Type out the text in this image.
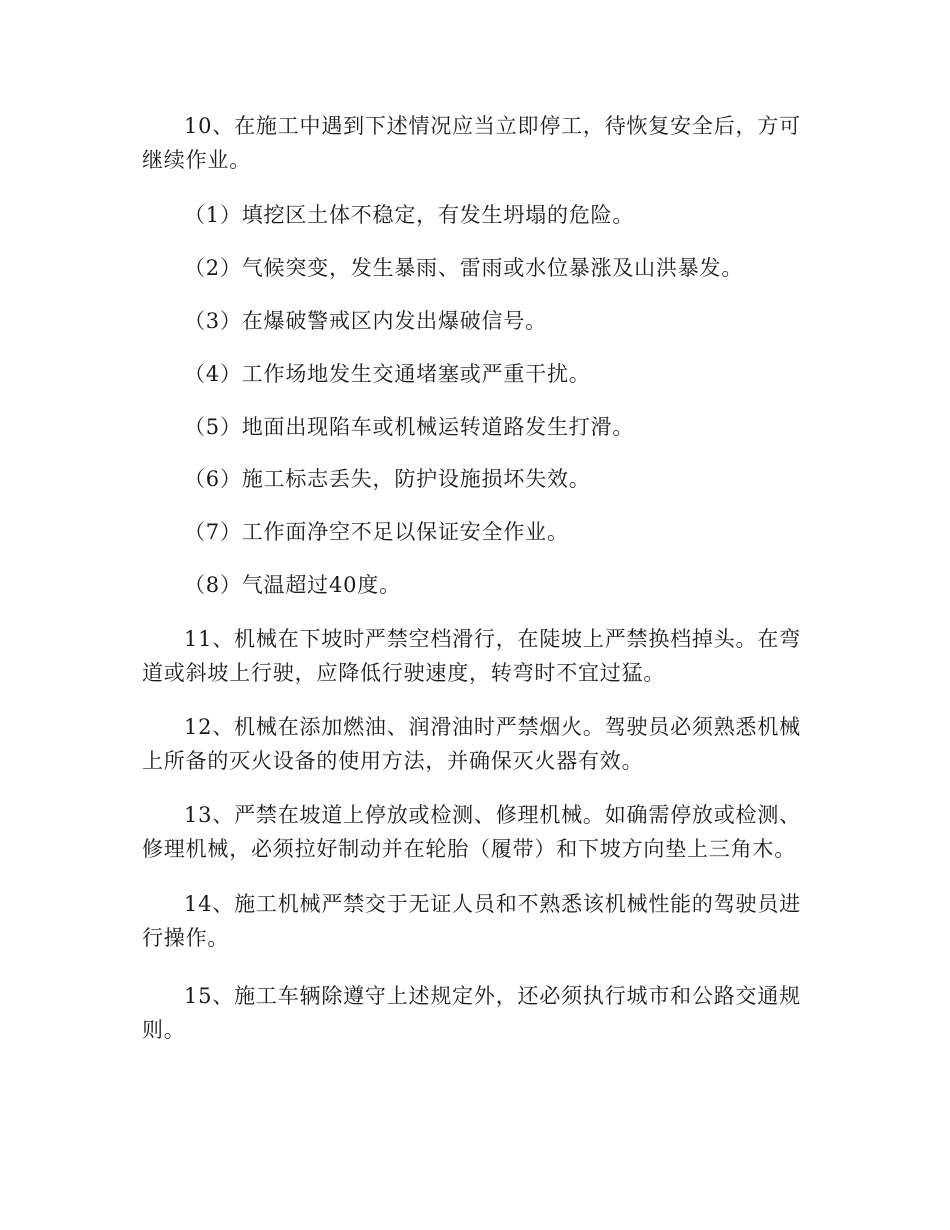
10、在施工中遇到下述情况应当立即停工，待恢复安全后，方可继续作业。

（1）填挖区土体不稳定，有发生坍塌的危险。

（2）气候突变，发生暴雨、雷雨或水位暴涨及山洪暴发。

（3）在爆破警戒区内发出爆破信号。

（4）工作场地发生交通堵塞或严重干扰。

（5）地面出现陷车或机械运转道路发生打滑。

（6）施工标志丢失，防护设施损坏失效。

（7）工作面净空不足以保证安全作业。

（8）气温超过40度。

11、机械在下坡时严禁空档滑行，在陡坡上严禁换档掉头。在弯道或斜坡上行驶，应降低行驶速度，转弯时不宜过猛。

12、机械在添加燃油、润滑油时严禁烟火。驾驶员必须熟悉机械上所备的灭火设备的使用方法，并确保灭火器有效。

13、严禁在坡道上停放或检测、修理机械。如确需停放或检测、修理机械，必须拉好制动并在轮胎（履带）和下坡方向垫上三角木。

14、施工机械严禁交于无证人员和不熟悉该机械性能的驾驶员进行操作。

15、施工车辆除遵守上述规定外，还必须执行城市和公路交通规则。
